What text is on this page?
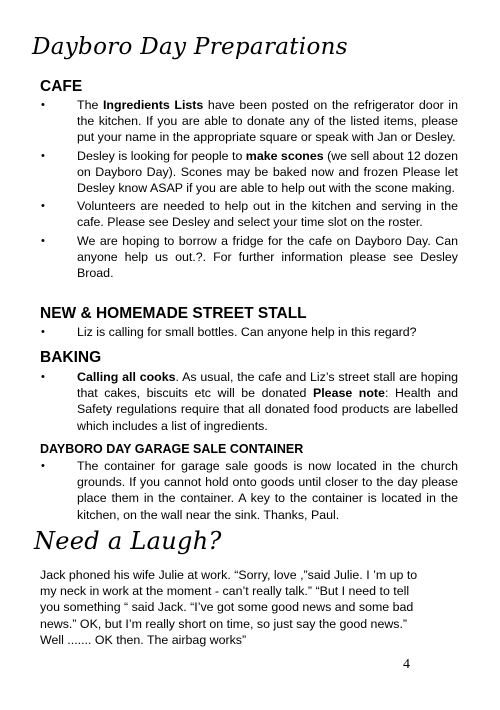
Dayboro Day Preparations
CAFE
•	The Ingredients Lists have been posted on the refrigerator door in the kitchen. If you are able to donate any of the listed items, please put your name in the appropriate square or speak with Jan or Desley.
•	Desley is looking for people to make scones (we sell about 12 dozen on Dayboro Day). Scones may be baked now and frozen Please let Desley know ASAP if you are able to help out with the scone making.
•	Volunteers are needed to help out in the kitchen and serving in the cafe. Please see Desley and select your time slot on the roster.
•	We are hoping to borrow a fridge for the cafe on Dayboro Day. Can anyone help us out.?. For further information please see Desley Broad.
NEW & HOMEMADE STREET STALL
•	Liz is calling for small bottles. Can anyone help in this regard?
BAKING
•	Calling all cooks. As usual, the cafe and Liz’s street stall are hoping that cakes, biscuits etc will be donated Please note: Health and Safety regulations require that all donated food products are labelled which includes a list of ingredients.
DAYBORO DAY GARAGE SALE CONTAINER
•	The container for garage sale goods is now located in the church grounds. If you cannot hold onto goods until closer to the day please place them in the container. A key to the container is located in the kitchen, on the wall near the sink. Thanks, Paul.
Need a Laugh?
Jack phoned his wife Julie at work. “Sorry, love ,”said Julie. I ’m up to
my neck in work at the moment - can’t really talk.” “But I need to tell
you something “ said Jack. “I’ve got some good news and some bad
news.” OK, but I’m really short on time, so just say the good news.”
Well ....... OK then. The airbag works”
4
